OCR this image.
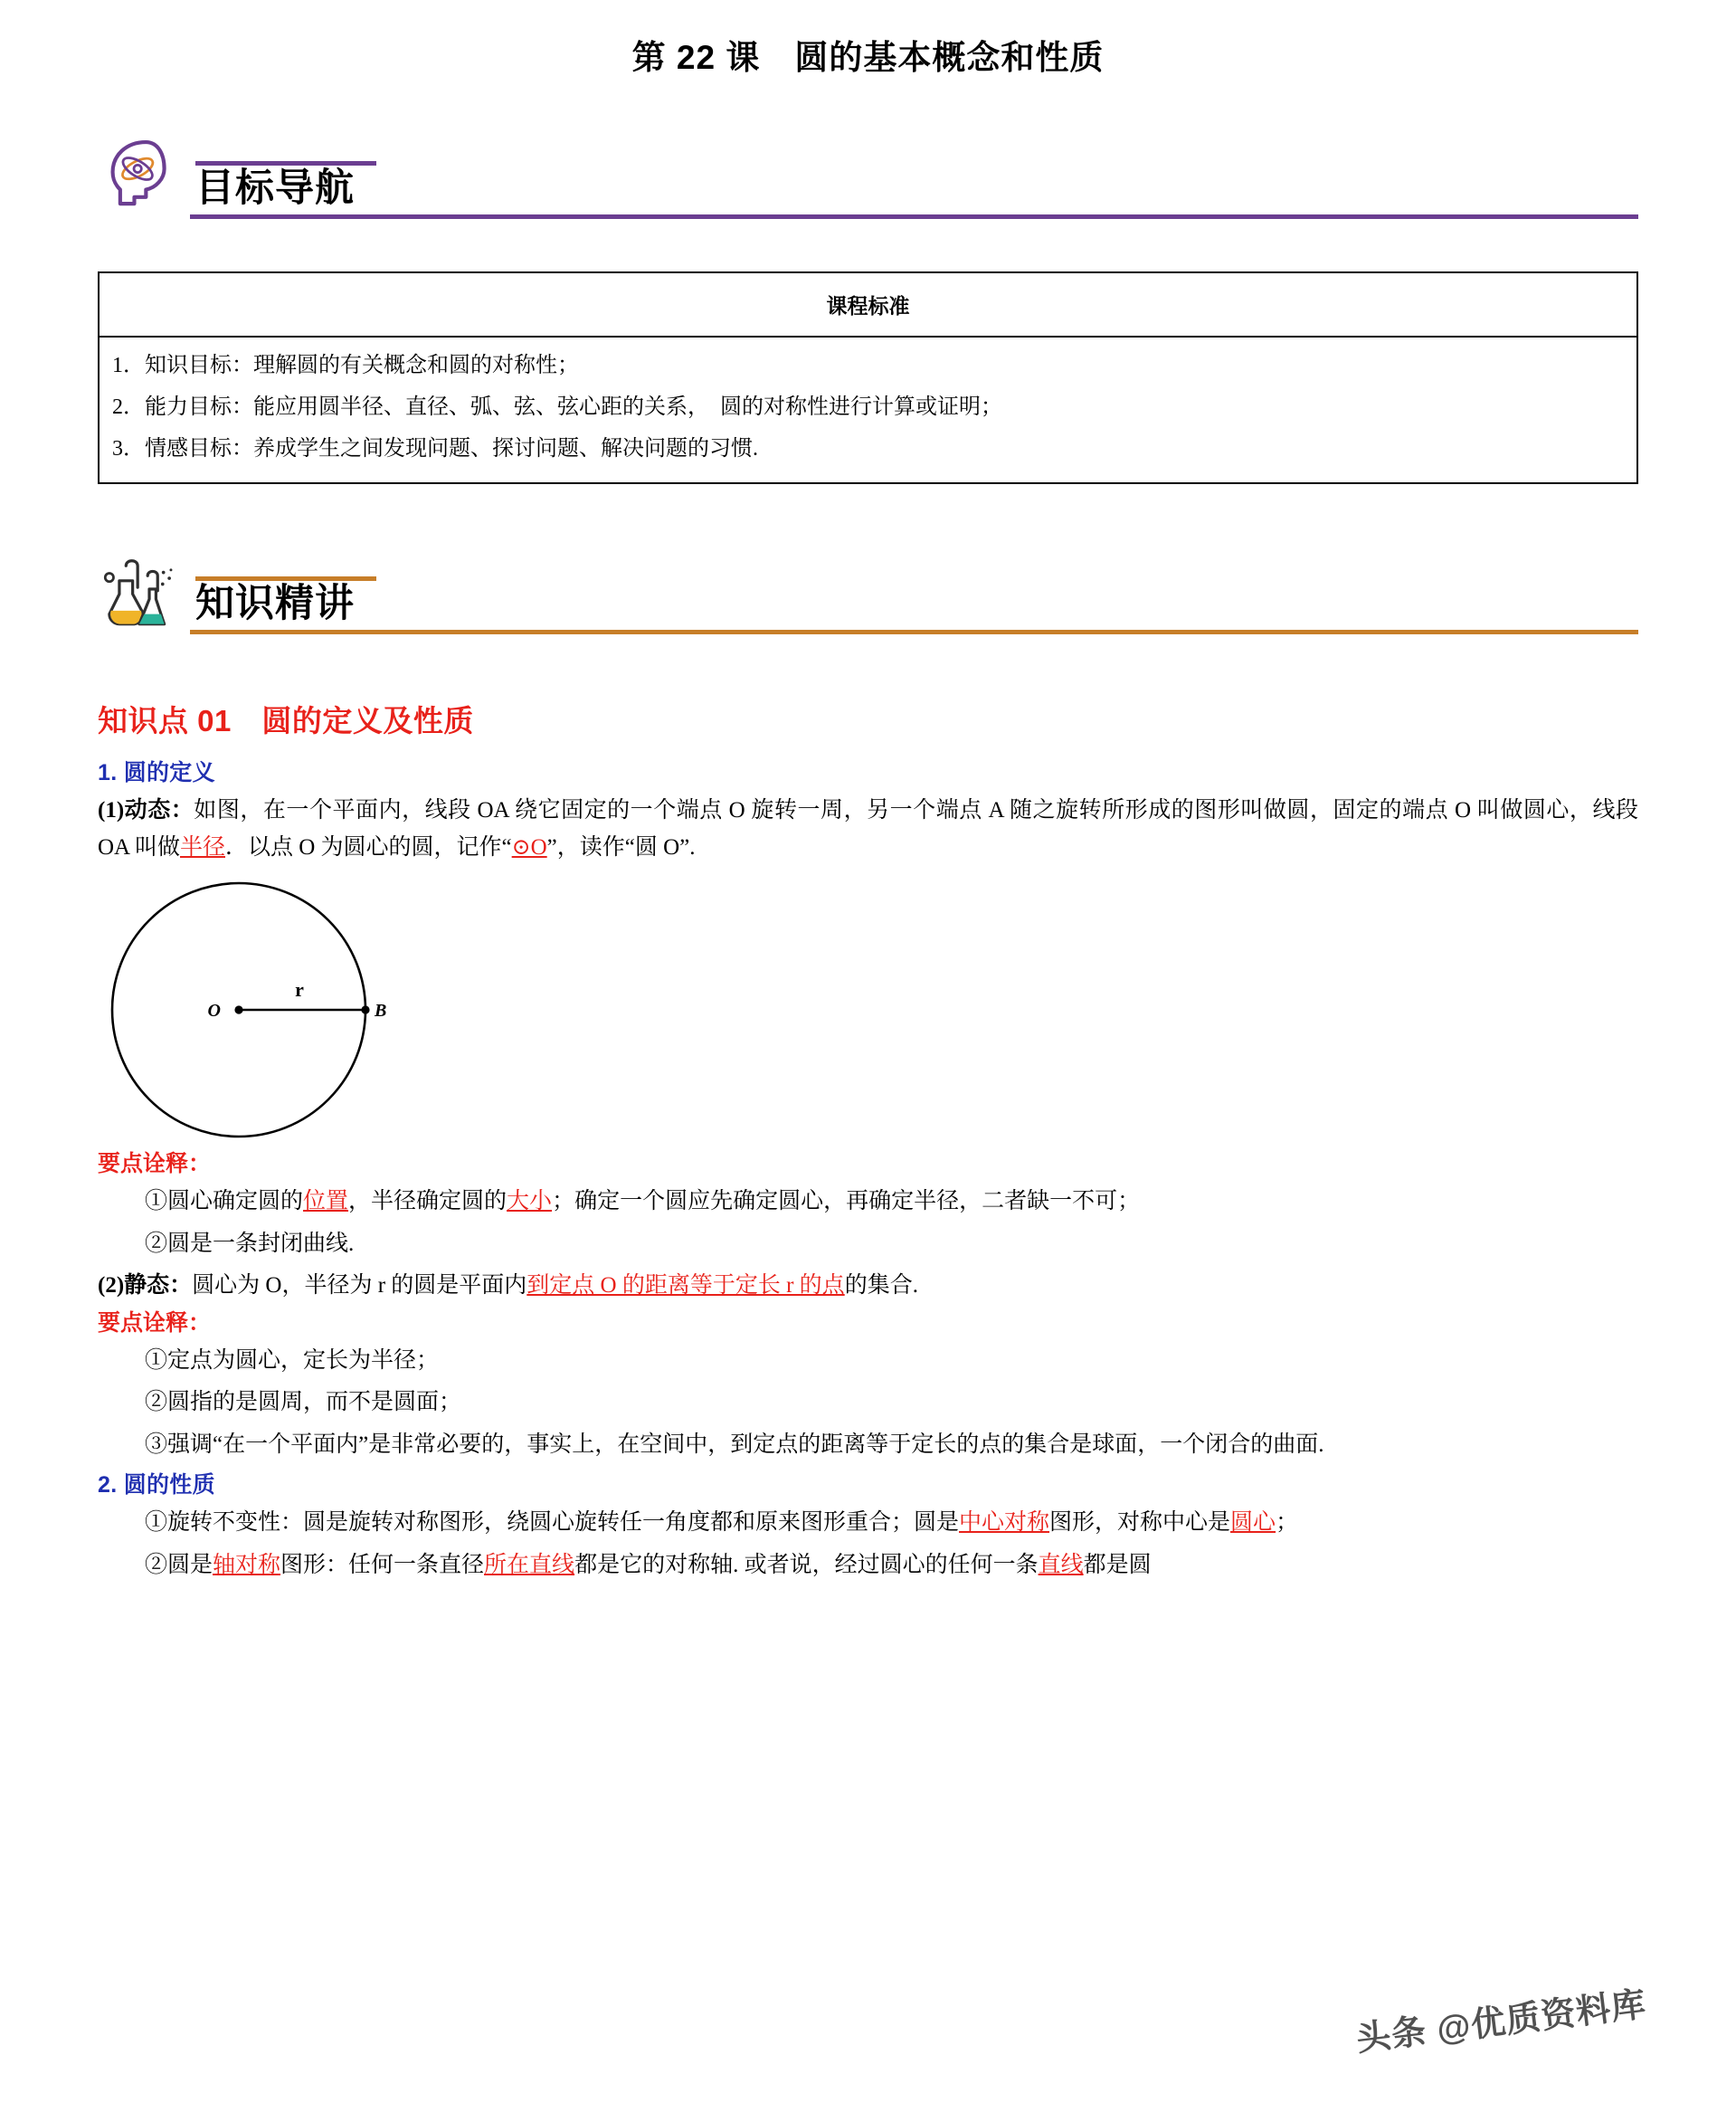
第 22 课　圆的基本概念和性质
目标导航
课程标准
1．知识目标：理解圆的有关概念和圆的对称性；
2．能力目标：能应用圆半径、直径、弧、弦、弦心距的关系，　圆的对称性进行计算或证明；
3．情感目标：养成学生之间发现问题、探讨问题、解决问题的习惯.
知识精讲
知识点 01　圆的定义及性质
1. 圆的定义
(1)动态：如图，在一个平面内，线段 OA 绕它固定的一个端点 O 旋转一周，另一个端点 A 随之旋转所形成的图形叫做圆，固定的端点 O 叫做圆心，线段 OA 叫做半径．以点 O 为圆心的圆，记作“⊙O”，读作“圆 O”.
O
r
B
要点诠释：
①圆心确定圆的位置，半径确定圆的大小；确定一个圆应先确定圆心，再确定半径，二者缺一不可；
②圆是一条封闭曲线.
(2)静态：圆心为 O，半径为 r 的圆是平面内到定点 O 的距离等于定长 r 的点的集合.
要点诠释：
①定点为圆心，定长为半径；
②圆指的是圆周，而不是圆面；
③强调“在一个平面内”是非常必要的，事实上，在空间中，到定点的距离等于定长的点的集合是球面，一个闭合的曲面.
2. 圆的性质
①旋转不变性：圆是旋转对称图形，绕圆心旋转任一角度都和原来图形重合；圆是中心对称图形，对称中心是圆心；
②圆是轴对称图形：任何一条直径所在直线都是它的对称轴. 或者说，经过圆心的任何一条直线都是圆
头条 @优质资料库
